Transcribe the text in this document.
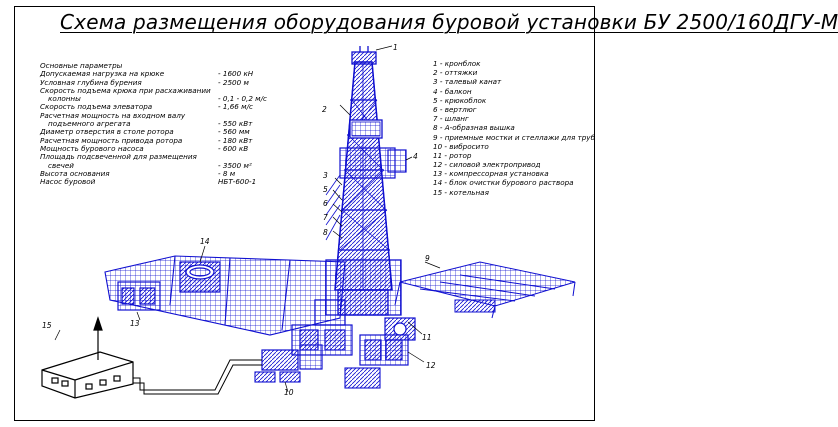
Схема размещения оборудования буровой установки БУ 2500/160ДГУ-М
Основные параметры
Допускаемая нагрузка на крюке	- 1600 кН
Условная глубина бурения	- 2500 м
Скорость подъема крюка при расхаживании
колонны	- 0,1 - 0,2 м/с
Скорость подъема элеватора	- 1,66 м/с
Расчетная мощность на входном валу
подъемного агрегата	- 550 кВт
Диаметр отверстия в столе ротора	- 560 мм
Расчетная мощность привода ротора	- 180 кВт
Мощность бурового насоса	- 600 кВ
Площадь подсвеченной для размещения
свечей	- 3500 м²
Высота основания	- 8 м
Насос буровой	НБТ-600-1
1 - кронблок
2 - оттяжки
3 - талевый канат
4 - балкон
5 - крюкоблок
6 - вертлюг
7 - шланг
8 - А-образная вышка
9 - приемные мостки и стеллажи для труб
10 - вибросито
11 - ротор
12 - силовой электропривод
13 - компрессорная установка
14 - блок очистки бурового раствора
15 - котельная
1
2
3
4
5
6
7
8
9
10
11
12
13
14
15
